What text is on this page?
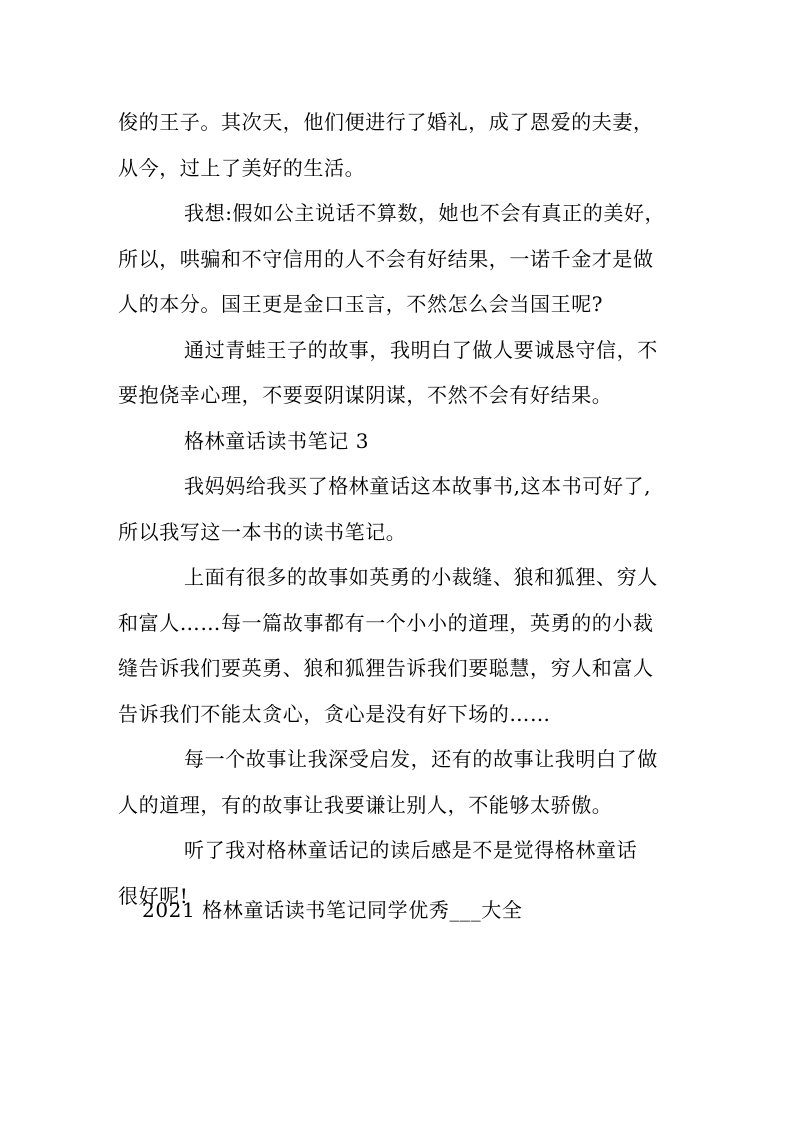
俊的王子。其次天，他们便进行了婚礼，成了恩爱的夫妻，
从今，过上了美好的生活。

我想:假如公主说话不算数，她也不会有真正的美好，
所以，哄骗和不守信用的人不会有好结果，一诺千金才是做
人的本分。国王更是金口玉言，不然怎么会当国王呢?

通过青蛙王子的故事，我明白了做人要诚恳守信，不
要抱侥幸心理，不要耍阴谋阴谋，不然不会有好结果。

格林童话读书笔记 3

我妈妈给我买了格林童话这本故事书,这本书可好了,
所以我写这一本书的读书笔记。

上面有很多的故事如英勇的小裁缝、狼和狐狸、穷人
和富人……每一篇故事都有一个小小的道理，英勇的的小裁
缝告诉我们要英勇、狼和狐狸告诉我们要聪慧，穷人和富人
告诉我们不能太贪心，贪心是没有好下场的……

每一个故事让我深受启发，还有的故事让我明白了做
人的道理，有的故事让我要谦让别人，不能够太骄傲。

听了我对格林童话记的读后感是不是觉得格林童话
很好呢!

2021 格林童话读书笔记同学优秀___大全
